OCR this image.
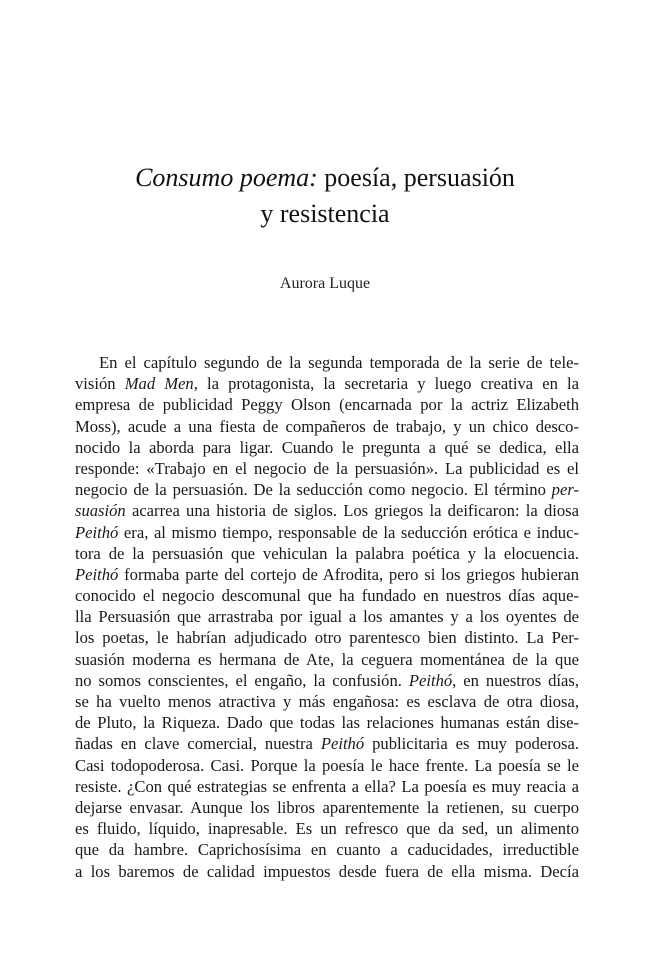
Consumo poema: poesía, persuasión
y resistencia
Aurora Luque
En el capítulo segundo de la segunda temporada de la serie de tele-
visión Mad Men, la protagonista, la secretaria y luego creativa en la
empresa de publicidad Peggy Olson (encarnada por la actriz Elizabeth
Moss), acude a una fiesta de compañeros de trabajo, y un chico desco-
nocido la aborda para ligar. Cuando le pregunta a qué se dedica, ella
responde: «Trabajo en el negocio de la persuasión». La publicidad es el
negocio de la persuasión. De la seducción como negocio. El término per-
suasión acarrea una historia de siglos. Los griegos la deificaron: la diosa
Peithó era, al mismo tiempo, responsable de la seducción erótica e induc-
tora de la persuasión que vehiculan la palabra poética y la elocuencia.
Peithó formaba parte del cortejo de Afrodita, pero si los griegos hubieran
conocido el negocio descomunal que ha fundado en nuestros días aque-
lla Persuasión que arrastraba por igual a los amantes y a los oyentes de
los poetas, le habrían adjudicado otro parentesco bien distinto. La Per-
suasión moderna es hermana de Ate, la ceguera momentánea de la que
no somos conscientes, el engaño, la confusión. Peithó, en nuestros días,
se ha vuelto menos atractiva y más engañosa: es esclava de otra diosa,
de Pluto, la Riqueza. Dado que todas las relaciones humanas están dise-
ñadas en clave comercial, nuestra Peithó publicitaria es muy poderosa.
Casi todopoderosa. Casi. Porque la poesía le hace frente. La poesía se le
resiste. ¿Con qué estrategias se enfrenta a ella? La poesía es muy reacia a
dejarse envasar. Aunque los libros aparentemente la retienen, su cuerpo
es fluido, líquido, inapresable. Es un refresco que da sed, un alimento
que da hambre. Caprichosísima en cuanto a caducidades, irreductible
a los baremos de calidad impuestos desde fuera de ella misma. Decía
